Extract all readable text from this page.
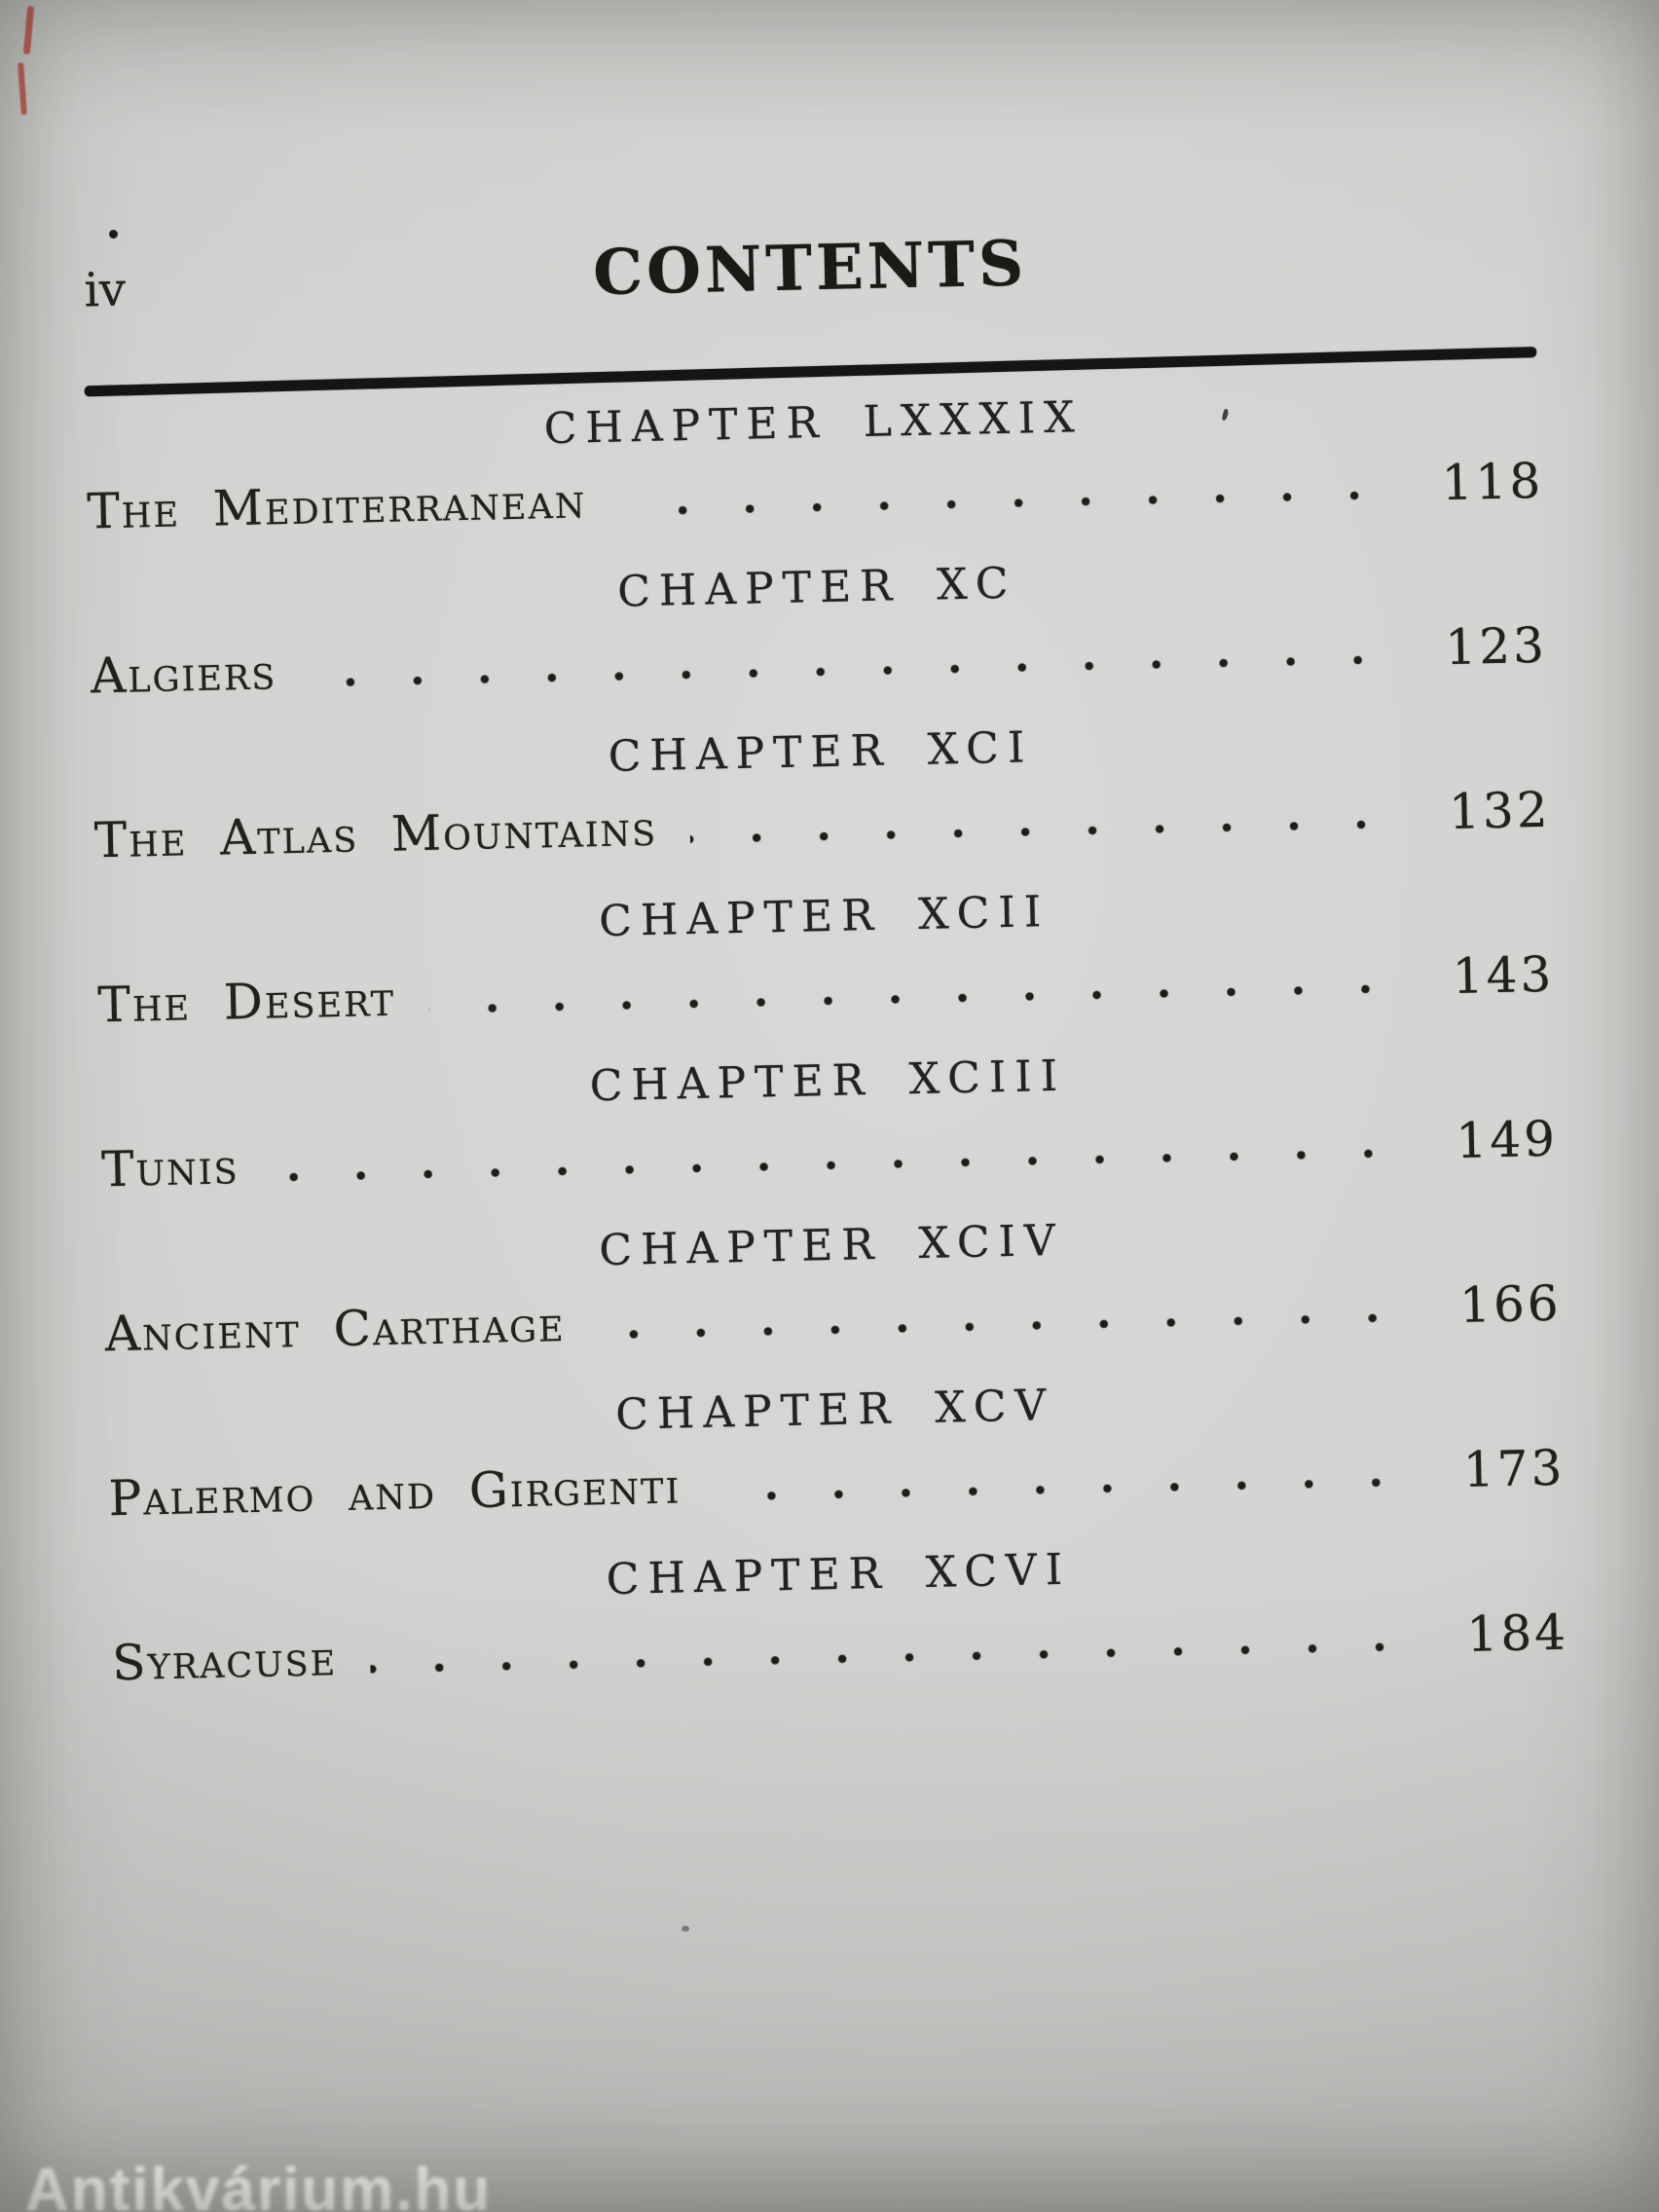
iv	CONTENTS
CHAPTER LXXXIX
The Mediterranean	118
CHAPTER XC
Algiers	123
CHAPTER XCI
The Atlas Mountains	132
CHAPTER XCII
The Desert	143
CHAPTER XCIII
Tunis	149
CHAPTER XCIV
Ancient Carthage	166
CHAPTER XCV
Palermo and Girgenti	173
CHAPTER XCVI
Syracuse	184
Antikvárium.hu
